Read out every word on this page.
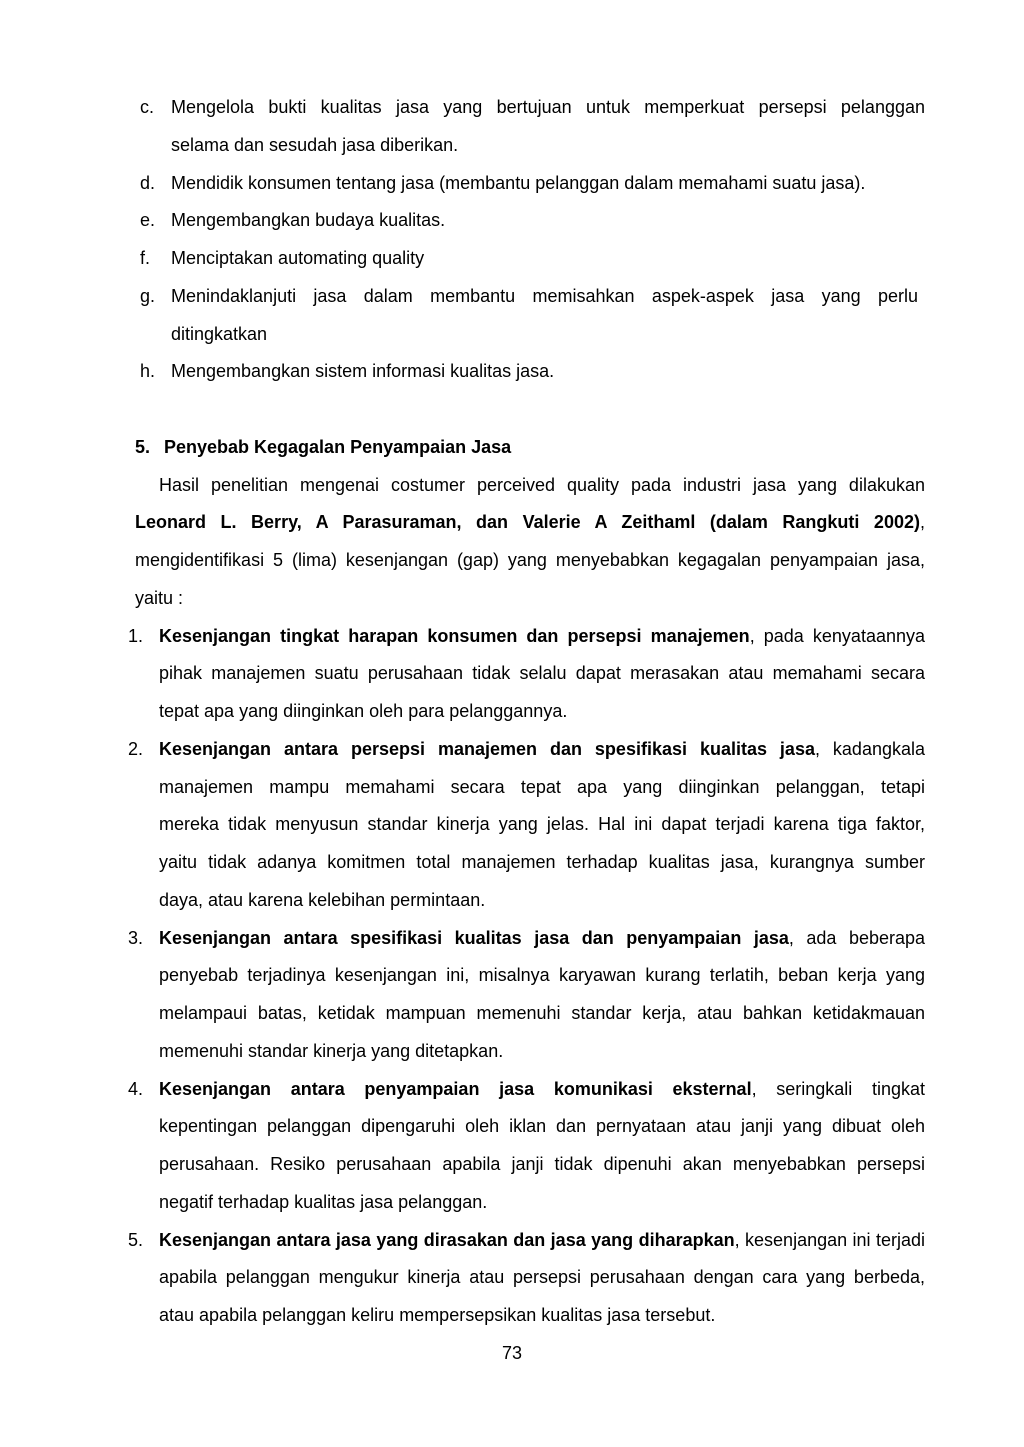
c. Mengelola bukti kualitas jasa yang bertujuan untuk memperkuat persepsi pelanggan
selama dan sesudah jasa diberikan.
d. Mendidik konsumen tentang jasa (membantu pelanggan dalam memahami suatu jasa).
e. Mengembangkan budaya kualitas.
f. Menciptakan automating quality
g. Menindaklanjuti jasa dalam membantu memisahkan aspek-aspek jasa yang perlu
ditingkatkan
h. Mengembangkan sistem informasi kualitas jasa.
5. Penyebab Kegagalan Penyampaian Jasa
Hasil penelitian mengenai costumer perceived quality pada industri jasa yang dilakukan
Leonard L. Berry, A Parasuraman, dan Valerie A Zeithaml (dalam Rangkuti 2002),
mengidentifikasi 5 (lima) kesenjangan (gap) yang menyebabkan kegagalan penyampaian jasa,
yaitu :
1. Kesenjangan tingkat harapan konsumen dan persepsi manajemen, pada kenyataannya
pihak manajemen suatu perusahaan tidak selalu dapat merasakan atau memahami secara
tepat apa yang diinginkan oleh para pelanggannya.
2. Kesenjangan antara persepsi manajemen dan spesifikasi kualitas jasa, kadangkala
manajemen mampu memahami secara tepat apa yang diinginkan pelanggan, tetapi
mereka tidak menyusun standar kinerja yang jelas. Hal ini dapat terjadi karena tiga faktor,
yaitu tidak adanya komitmen total manajemen terhadap kualitas jasa, kurangnya sumber
daya, atau karena kelebihan permintaan.
3. Kesenjangan antara spesifikasi kualitas jasa dan penyampaian jasa, ada beberapa
penyebab terjadinya kesenjangan ini, misalnya karyawan kurang terlatih, beban kerja yang
melampaui batas, ketidak mampuan memenuhi standar kerja, atau bahkan ketidakmauan
memenuhi standar kinerja yang ditetapkan.
4. Kesenjangan antara penyampaian jasa komunikasi eksternal, seringkali tingkat
kepentingan pelanggan dipengaruhi oleh iklan dan pernyataan atau janji yang dibuat oleh
perusahaan. Resiko perusahaan apabila janji tidak dipenuhi akan menyebabkan persepsi
negatif terhadap kualitas jasa pelanggan.
5. Kesenjangan antara jasa yang dirasakan dan jasa yang diharapkan, kesenjangan ini terjadi
apabila pelanggan mengukur kinerja atau persepsi perusahaan dengan cara yang berbeda,
atau apabila pelanggan keliru mempersepsikan kualitas jasa tersebut.
73
